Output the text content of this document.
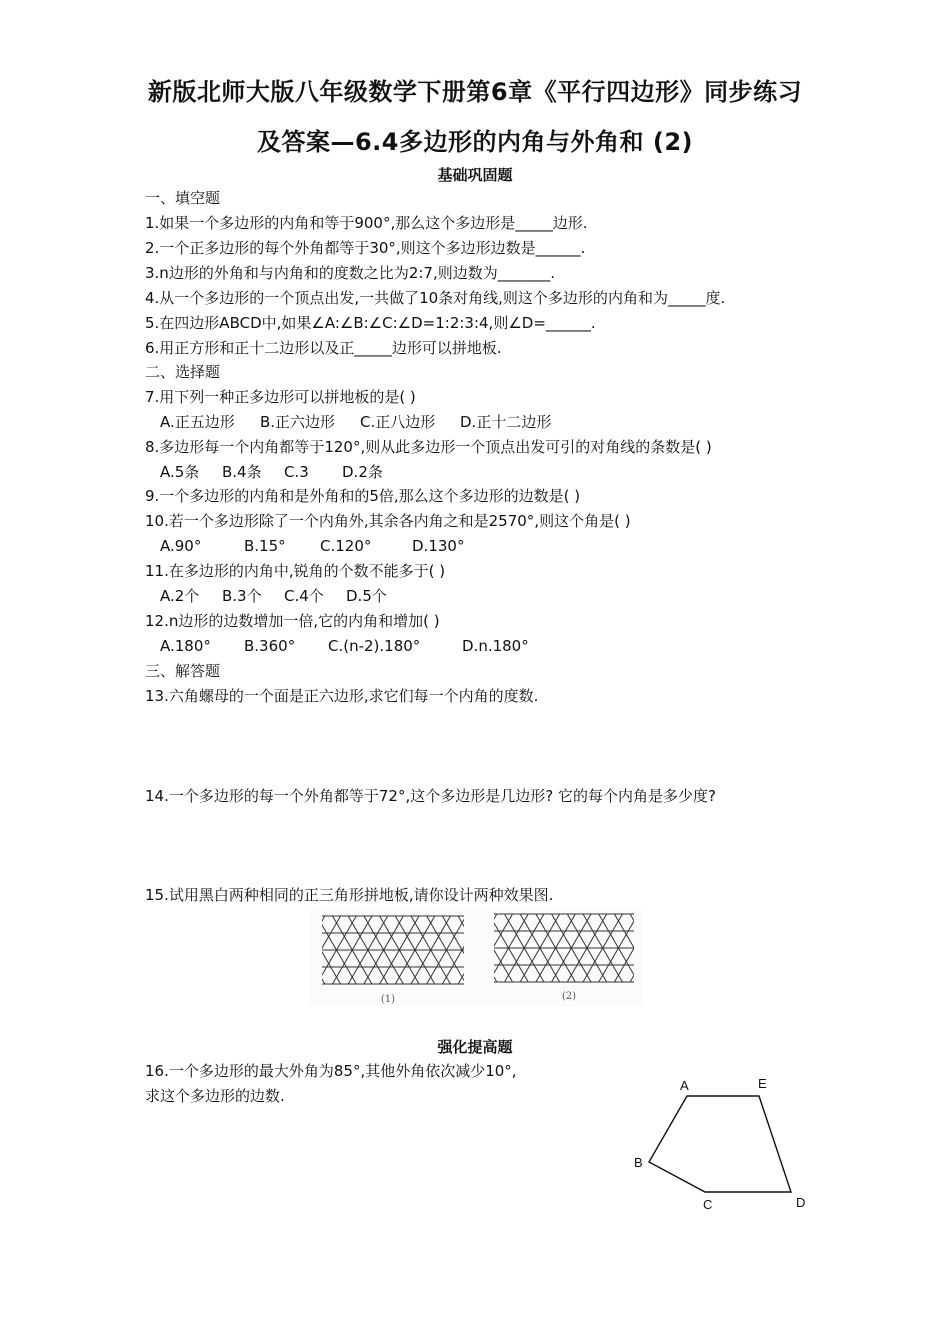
新版北师大版八年级数学下册第6章《平行四边形》同步练习
及答案—6.4多边形的内角与外角和 (2)
基础巩固题
一、填空题
1.如果一个多边形的内角和等于900°,那么这个多边形是_____边形.
2.一个正多边形的每个外角都等于30°,则这个多边形边数是______.
3.n边形的外角和与内角和的度数之比为2:7,则边数为_______.
4.从一个多边形的一个顶点出发,一共做了10条对角线,则这个多边形的内角和为_____度.
5.在四边形ABCD中,如果∠A:∠B:∠C:∠D=1:2:3:4,则∠D=______.
6.用正方形和正十二边形以及正_____边形可以拼地板.
二、选择题
7.用下列一种正多边形可以拼地板的是( )
A.正五边形 B.正六边形 C.正八边形 D.正十二边形
8.多边形每一个内角都等于120°,则从此多边形一个顶点出发可引的对角线的条数是( )
A.5条 B.4条 C.3 D.2条
9.一个多边形的内角和是外角和的5倍,那么这个多边形的边数是( )
10.若一个多边形除了一个内角外,其余各内角之和是2570°,则这个角是( )
A.90°	B.15° C.120°	D.130°
11.在多边形的内角中,锐角的个数不能多于( )
A.2个 B.3个 C.4个 D.5个
12.n边形的边数增加一倍,它的内角和增加( )
A.180° B.360° C.(n-2).180°	D.n.180°
三、解答题
13.六角螺母的一个面是正六边形,求它们每一个内角的度数.
14.一个多边形的每一个外角都等于72°,这个多边形是几边形? 它的每个内角是多少度?
15.试用黑白两种相同的正三角形拼地板,请你设计两种效果图.
(1)	(2)
强化提高题
16.一个多边形的最大外角为85°,其他外角依次减少10°,
求这个多边形的边数.
A	E
B
C	D
